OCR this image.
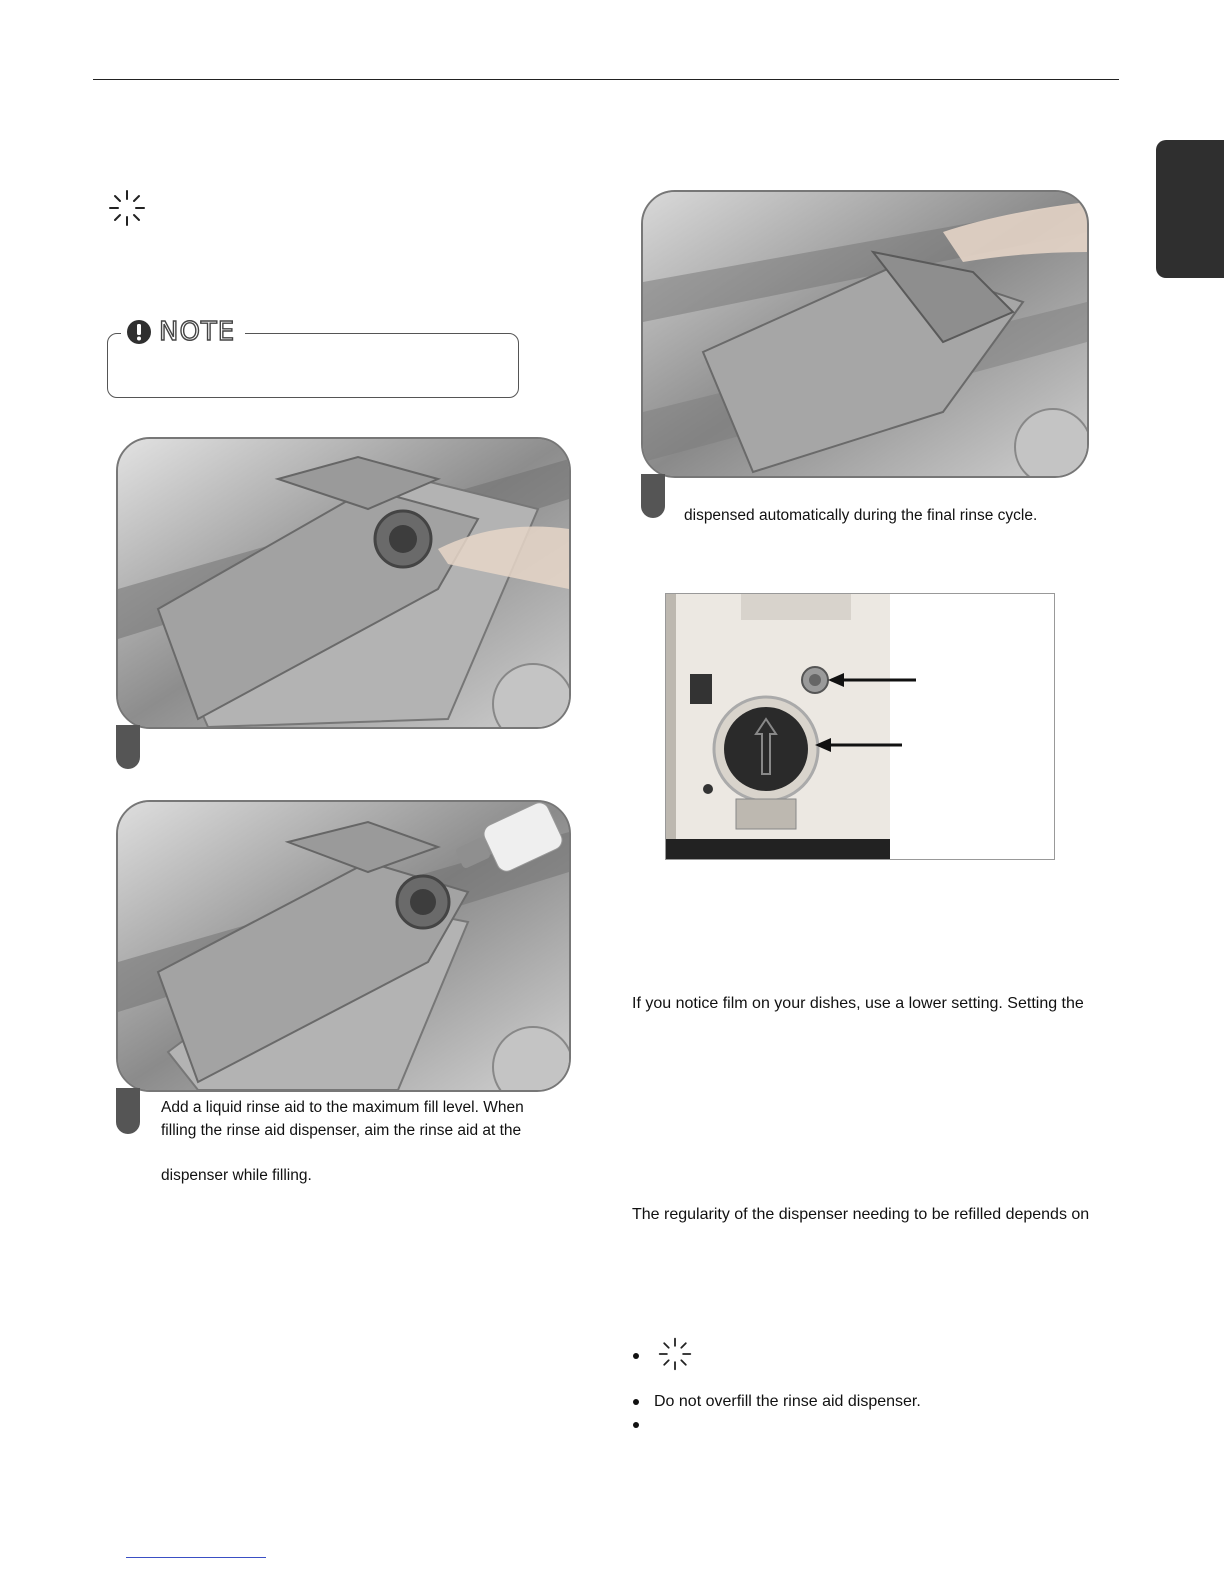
NOTE
Add a liquid rinse aid to the maximum fill level. When
filling the rinse aid dispenser, aim the rinse aid at the
dispenser while filling.
dispensed automatically during the final rinse cycle.
If you notice film on your dishes, use a lower setting. Setting the
The regularity of the dispenser needing to be refilled depends on
Do not overfill the rinse aid dispenser.
